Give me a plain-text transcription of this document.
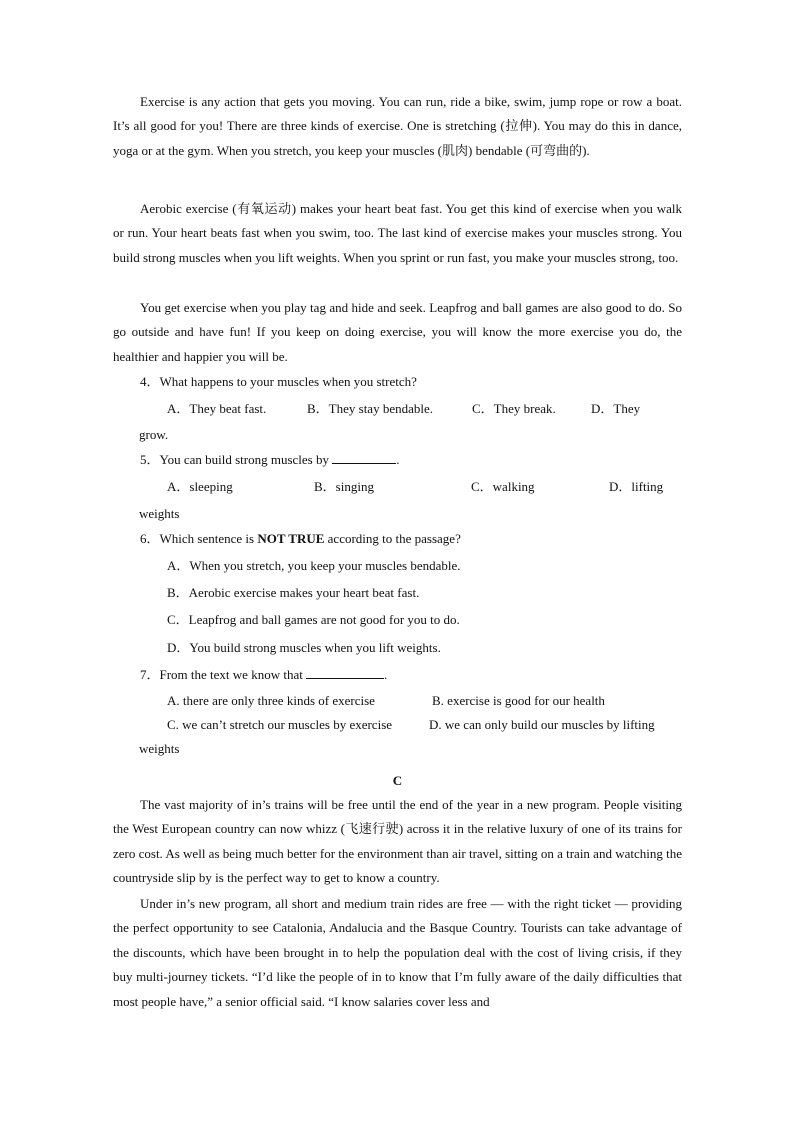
Exercise is any action that gets you moving. You can run, ride a bike, swim, jump rope or row a boat. It’s all good for you! There are three kinds of exercise. One is stretching (拉伸). You may do this in dance, yoga or at the gym. When you stretch, you keep your muscles (肌肉) bendable (可弯曲的).

Aerobic exercise (有氧运动) makes your heart beat fast. You get this kind of exercise when you walk or run. Your heart beats fast when you swim, too. The last kind of exercise makes your muscles strong. You build strong muscles when you lift weights. When you sprint or run fast, you make your muscles strong, too.

You get exercise when you play tag and hide and seek. Leapfrog and ball games are also good to do. So go outside and have fun! If you keep on doing exercise, you will know the more exercise you do, the healthier and happier you will be.

4．What happens to your muscles when you stretch?
A．They beat fast.	B．They stay bendable.	C．They break.	D．They
grow.
5．You can build strong muscles by	.
A．sleeping	B．singing	C．walking	D．lifting
weights
6．Which sentence is NOT TRUE according to the passage?
A．When you stretch, you keep your muscles bendable.
B．Aerobic exercise makes your heart beat fast.
C．Leapfrog and ball games are not good for you to do.
D．You build strong muscles when you lift weights.
7．From the text we know that	.
A. there are only three kinds of exercise	B. exercise is good for our health
C. we can’t stretch our muscles by exercise	D. we can only build our muscles by lifting
weights
C

The vast majority of in’s trains will be free until the end of the year in a new program. People visiting the West European country can now whizz (飞速行驶) across it in the relative luxury of one of its trains for zero cost. As well as being much better for the environment than air travel, sitting on a train and watching the countryside slip by is the perfect way to get to know a country.

Under in’s new program, all short and medium train rides are free — with the right ticket — providing the perfect opportunity to see Catalonia, Andalucia and the Basque Country. Tourists can take advantage of the discounts, which have been brought in to help the population deal with the cost of living crisis, if they buy multi-journey tickets. “I’d like the people of in to know that I’m fully aware of the daily difficulties that most people have,” a senior official said. “I know salaries cover less and
